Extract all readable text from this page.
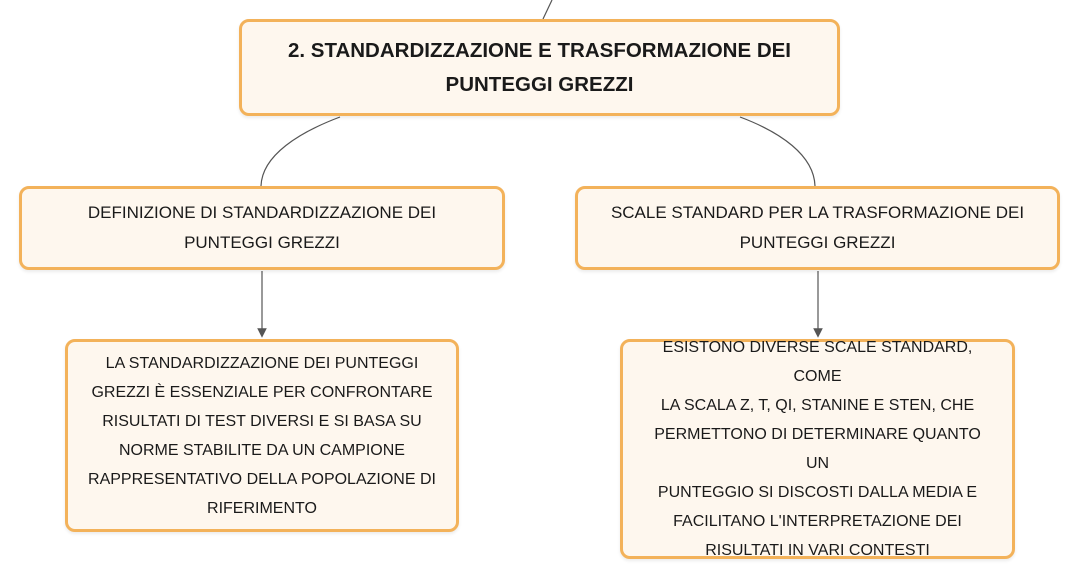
2. STANDARDIZZAZIONE E TRASFORMAZIONE DEI
PUNTEGGI GREZZI
DEFINIZIONE DI STANDARDIZZAZIONE DEI
PUNTEGGI GREZZI
SCALE STANDARD PER LA TRASFORMAZIONE DEI
PUNTEGGI GREZZI
LA STANDARDIZZAZIONE DEI PUNTEGGI
GREZZI È ESSENZIALE PER CONFRONTARE
RISULTATI DI TEST DIVERSI E SI BASA SU
NORME STABILITE DA UN CAMPIONE
RAPPRESENTATIVO DELLA POPOLAZIONE DI
RIFERIMENTO
ESISTONO DIVERSE SCALE STANDARD, COME
LA SCALA Z, T, QI, STANINE E STEN, CHE
PERMETTONO DI DETERMINARE QUANTO UN
PUNTEGGIO SI DISCOSTI DALLA MEDIA E
FACILITANO L'INTERPRETAZIONE DEI
RISULTATI IN VARI CONTESTI
